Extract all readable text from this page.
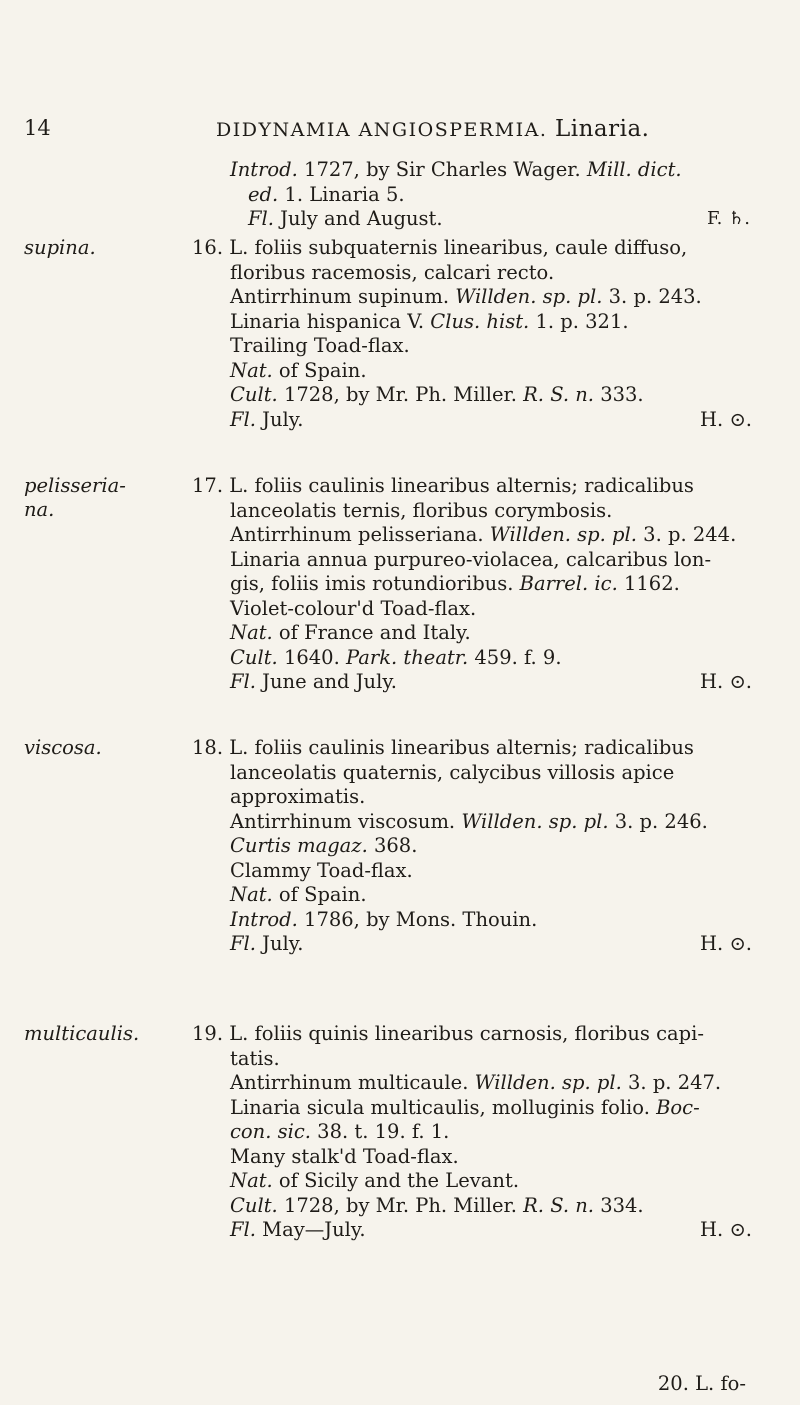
14	DIDYNAMIA ANGIOSPERMIA. Linaria.
Introd. 1727, by Sir Charles Wager. Mill. dict.
ed. 1. Linaria 5.
Fl. July and August.	F. ♄.
supina.	16. L. foliis subquaternis linearibus, caule diffuso,
floribus racemosis, calcari recto.
Antirrhinum supinum. Willden. sp. pl. 3. p. 243.
Linaria hispanica V. Clus. hist. 1. p. 321.
Trailing Toad-flax.
Nat. of Spain.
Cult. 1728, by Mr. Ph. Miller. R. S. n. 333.
Fl. July.	H. ⊙.
pelisseria-
na.
17. L. foliis caulinis linearibus alternis; radicalibus
lanceolatis ternis, floribus corymbosis.
Antirrhinum pelisseriana. Willden. sp. pl. 3. p. 244.
Linaria annua purpureo-violacea, calcaribus lon-
gis, foliis imis rotundioribus. Barrel. ic. 1162.
Violet-colour'd Toad-flax.
Nat. of France and Italy.
Cult. 1640. Park. theatr. 459. f. 9.
Fl. June and July.	H. ⊙.
viscosa.	18. L. foliis caulinis linearibus alternis; radicalibus
lanceolatis quaternis, calycibus villosis apice
approximatis.
Antirrhinum viscosum. Willden. sp. pl. 3. p. 246.
Curtis magaz. 368.
Clammy Toad-flax.
Nat. of Spain.
Introd. 1786, by Mons. Thouin.
Fl. July.	H. ⊙.
multicaulis.	19. L. foliis quinis linearibus carnosis, floribus capi-
tatis.
Antirrhinum multicaule. Willden. sp. pl. 3. p. 247.
Linaria sicula multicaulis, molluginis folio. Boc-
con. sic. 38. t. 19. f. 1.
Many stalk'd Toad-flax.
Nat. of Sicily and the Levant.
Cult. 1728, by Mr. Ph. Miller. R. S. n. 334.
Fl. May—July.	H. ⊙.
20. L. fo-
